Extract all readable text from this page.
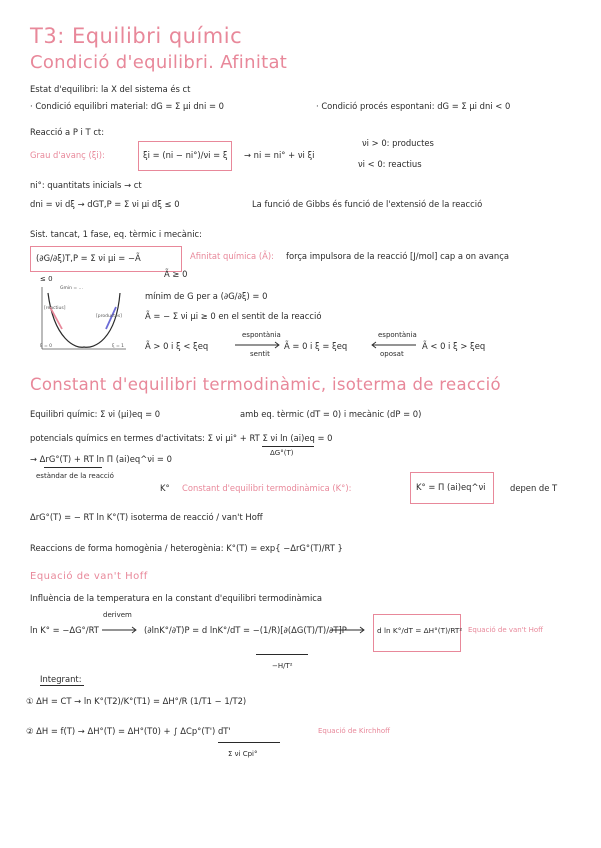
T3: Equilibri químic
Condició d'equilibri. Afinitat
Estat d'equilibri: la X del sistema és ct
· Condició equilibri material: dG = Σ μi dni = 0	· Condició procés espontani: dG = Σ μi dni < 0
Reacció a P i T ct:
Grau d'avanç (ξi):	ξi = (ni − ni°)/νi = ξ → ni = ni° + νi ξi
νi > 0: productes
νi < 0: reactius
ni°: quantitats inicials → ct
dni = νi dξ → dGT,P = Σ νi μi dξ ≤ 0	La funció de Gibbs és funció de l'extensió de la reacció
Sist. tancat, 1 fase, eq. tèrmic i mecànic:
(∂G/∂ξ)T,P = Σ νi μi = −Ã
≤ 0
Afinitat química (Ã): força impulsora de la reacció [J/mol] cap a on avança
Ã ≥ 0
Gmin = ...
[reactius]
[productes]
ξ = 0	ξ = 1
mínim de G per a (∂G/∂ξ) = 0
Ã = − Σ νi μi ≥ 0 en el sentit de la reacció
Ã > 0 i ξ < ξeq
espontània
sentit
Ã = 0 i ξ = ξeq
espontània
oposat
Ã < 0 i ξ > ξeq
Constant d'equilibri termodinàmic, isoterma de reacció
Equilibri químic: Σ νi (μi)eq = 0	amb eq. tèrmic (dT = 0) i mecànic (dP = 0)
potencials químics en termes d'activitats: Σ νi μi° + RT Σ νi ln (ai)eq = 0
ΔG°(T)
→ ΔrG°(T) + RT ln Π (ai)eq^νi = 0
estàndar de la reacció
K° Constant d'equilibri termodinàmica (K°):	K° = Π (ai)eq^νi	depen de T
ΔrG°(T) = − RT ln K°(T) isoterma de reacció / van't Hoff
Reaccions de forma homogènia / heterogènia: K°(T) = exp{ −ΔrG°(T)/RT }
Equació de van't Hoff
Influència de la temperatura en la constant d'equilibri termodinàmica
derivem
ln K° = −ΔG°/RT	(∂lnK°/∂T)P = d lnK°/dT = −(1/R)[∂(ΔG(T)/T)/∂T]P
−H/T²
d ln K°/dT = ΔH°(T)/RT² Equació de van't Hoff
Integrant:
① ΔH = CT → ln K°(T2)/K°(T1) = ΔH°/R (1/T1 − 1/T2)
② ΔH = f(T) → ΔH°(T) = ΔH°(T0) + ∫ ΔCp°(T') dT'	Equació de Kirchhoff
Σ νi Cpi°
